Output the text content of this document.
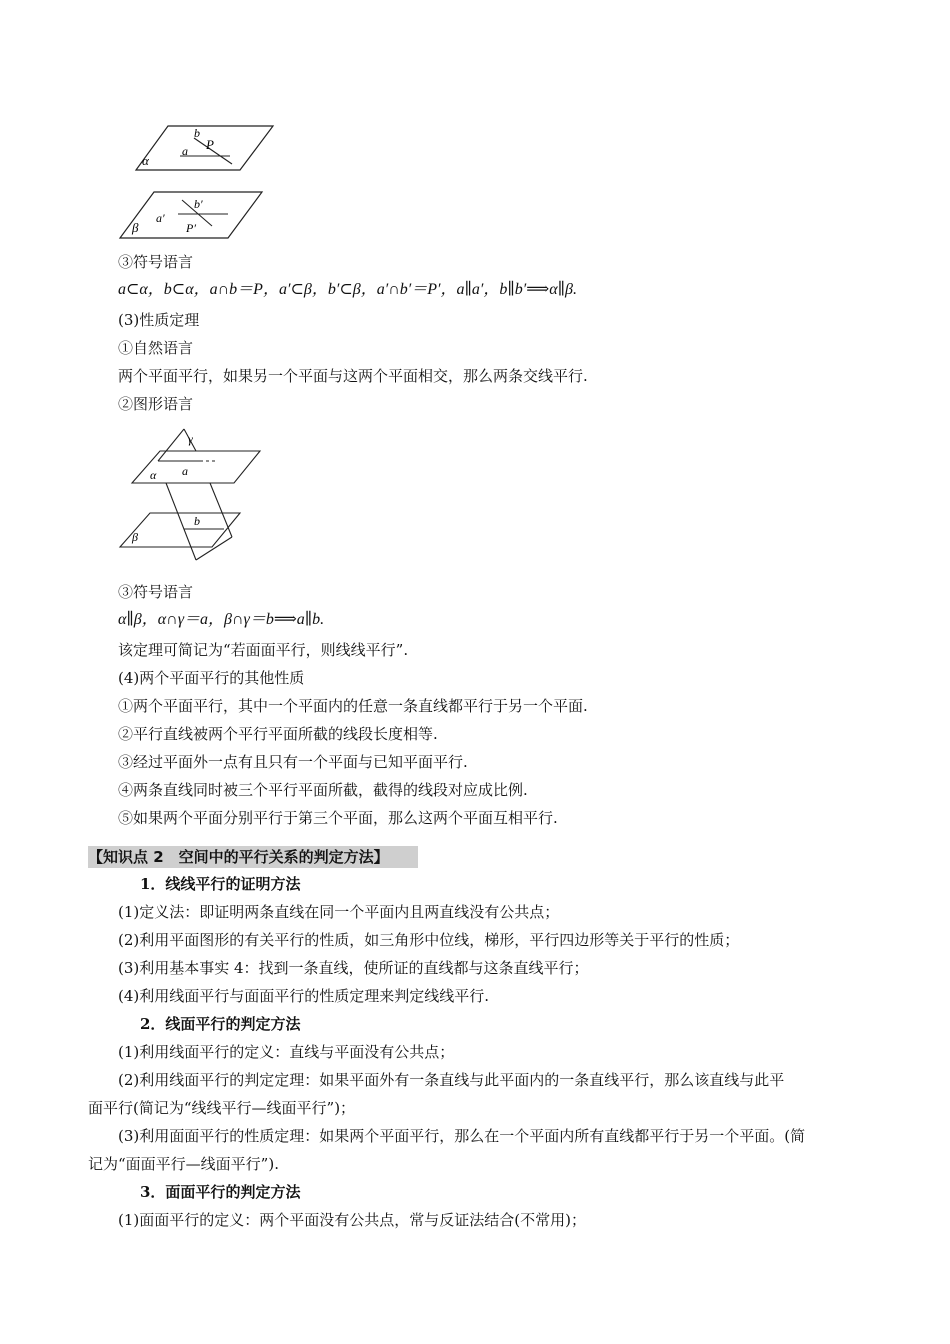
α
a
b
P
β
a′
b′
P′
γ
a
α
b
β
③符号语言
a⊂α，b⊂α，a∩b＝P，a′⊂β，b′⊂β，a′∩b′＝P′，a∥a′，b∥b′⟹α∥β.
(3)性质定理
①自然语言
两个平面平行，如果另一个平面与这两个平面相交，那么两条交线平行.
②图形语言
③符号语言
α∥β，α∩γ＝a，β∩γ＝b⟹a∥b.
该定理可简记为“若面面平行，则线线平行”.
(4)两个平面平行的其他性质
①两个平面平行，其中一个平面内的任意一条直线都平行于另一个平面.
②平行直线被两个平行平面所截的线段长度相等.
③经过平面外一点有且只有一个平面与已知平面平行.
④两条直线同时被三个平行平面所截，截得的线段对应成比例.
⑤如果两个平面分别平行于第三个平面，那么这两个平面互相平行.
【知识点 2　空间中的平行关系的判定方法】
1．线线平行的证明方法
(1)定义法：即证明两条直线在同一个平面内且两直线没有公共点；
(2)利用平面图形的有关平行的性质，如三角形中位线，梯形，平行四边形等关于平行的性质；
(3)利用基本事实 4：找到一条直线，使所证的直线都与这条直线平行；
(4)利用线面平行与面面平行的性质定理来判定线线平行.
2．线面平行的判定方法
(1)利用线面平行的定义：直线与平面没有公共点；
(2)利用线面平行的判定定理：如果平面外有一条直线与此平面内的一条直线平行，那么该直线与此平
面平行(简记为“线线平行—线面平行”)；
(3)利用面面平行的性质定理：如果两个平面平行，那么在一个平面内所有直线都平行于另一个平面。(简
记为“面面平行—线面平行”).
3．面面平行的判定方法
(1)面面平行的定义：两个平面没有公共点，常与反证法结合(不常用)；
